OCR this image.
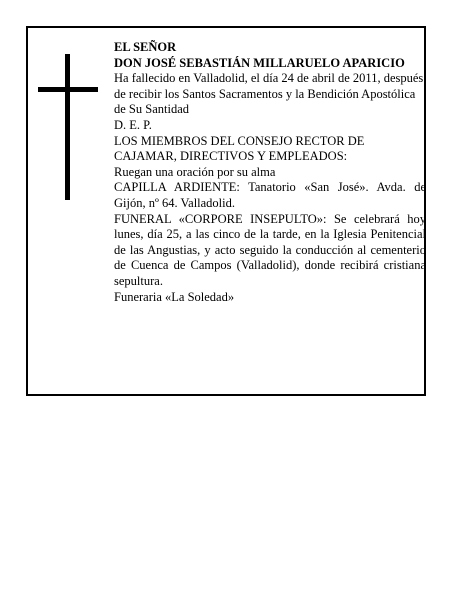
EL SEÑOR

DON JOSÉ SEBASTIÁN MILLARUELO APARICIO

Ha fallecido en Valladolid, el día 24 de abril de 2011, después de recibir los Santos Sacramentos y la Bendición Apostólica de Su Santidad

D. E. P.

LOS MIEMBROS DEL CONSEJO RECTOR DE CAJAMAR, DIRECTIVOS Y EMPLEADOS:

Ruegan una oración por su alma

CAPILLA ARDIENTE: Tanatorio «San José». Avda. de Gijón, nº 64. Valladolid.

FUNERAL «CORPORE INSEPULTO»: Se celebrará hoy lunes, día 25, a las cinco de la tarde, en la Iglesia Penitencial de las Angustias, y acto seguido la conducción al cementerio de Cuenca de Campos (Valladolid), donde recibirá cristiana sepultura.

Funeraria «La Soledad»
